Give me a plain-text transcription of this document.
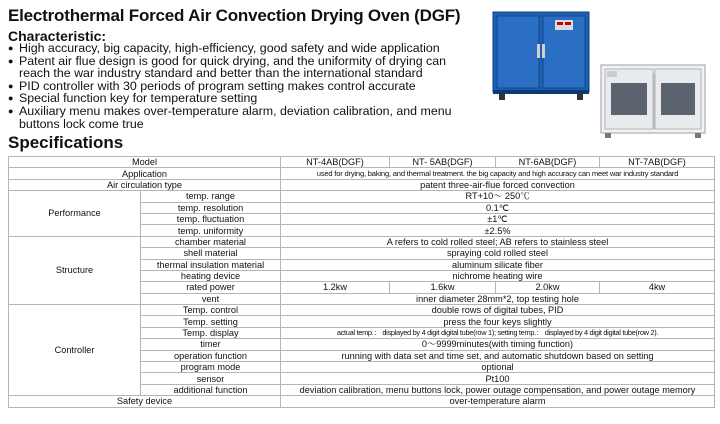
Electrothermal Forced Air Convection Drying Oven (DGF)
Characteristic:
● High accuracy, big capacity, high-efficiency, good safety and wide application
● Patent air flue design is good for quick drying, and the uniformity of drying can reach the war industry standard and better than the international standard
● PID controller with 30 periods of program setting makes control accurate
● Special function key for temperature setting
● Auxiliary menu makes over-temperature alarm, deviation calibration, and menu buttons lock come true
Specifications
Model		NT-4AB(DGF)	NT- 5AB(DGF)	NT-6AB(DGF)	NT-7AB(DGF)
Application		used for drying, baking, and thermal treatment. the big capacity and high accuracy can meet war industry standard			
Air circulation type		patent three-air-flue forced convection			
Performance	temp. range	RT+10～ 250℃			
	temp. resolution	0.1℃			
	temp. fluctuation	±1℃			
	temp. uniformity	±2.5%			
Structure	chamber material	A refers to cold rolled steel; AB refers to stainless steel			
	shell material	spraying cold rolled steel			
	thermal insulation material	aluminum silicate fiber			
	heating device	nichrome heating wire			
	rated power	1.2kw	1.6kw	2.0kw	4kw
	vent	inner diameter 28mm*2, top testing hole			
Controller	Temp. control	double rows of digital tubes, PID			
	Temp. setting	press the four keys slightly			
	Temp. display	actual temp.： displayed by 4 digit digital tube(row 1); setting temp.： displayed by 4 digit digital tube(row 2).			
	timer	0～9999minutes(with timing function)			
	operation function	running with data set and time set, and automatic shutdown based on setting			
	program mode	optional			
	sensor	Pt100			
	additional function	deviation calibration, menu buttons lock, power outage compensation, and power outage memory			
Safety device		over-temperature alarm			
